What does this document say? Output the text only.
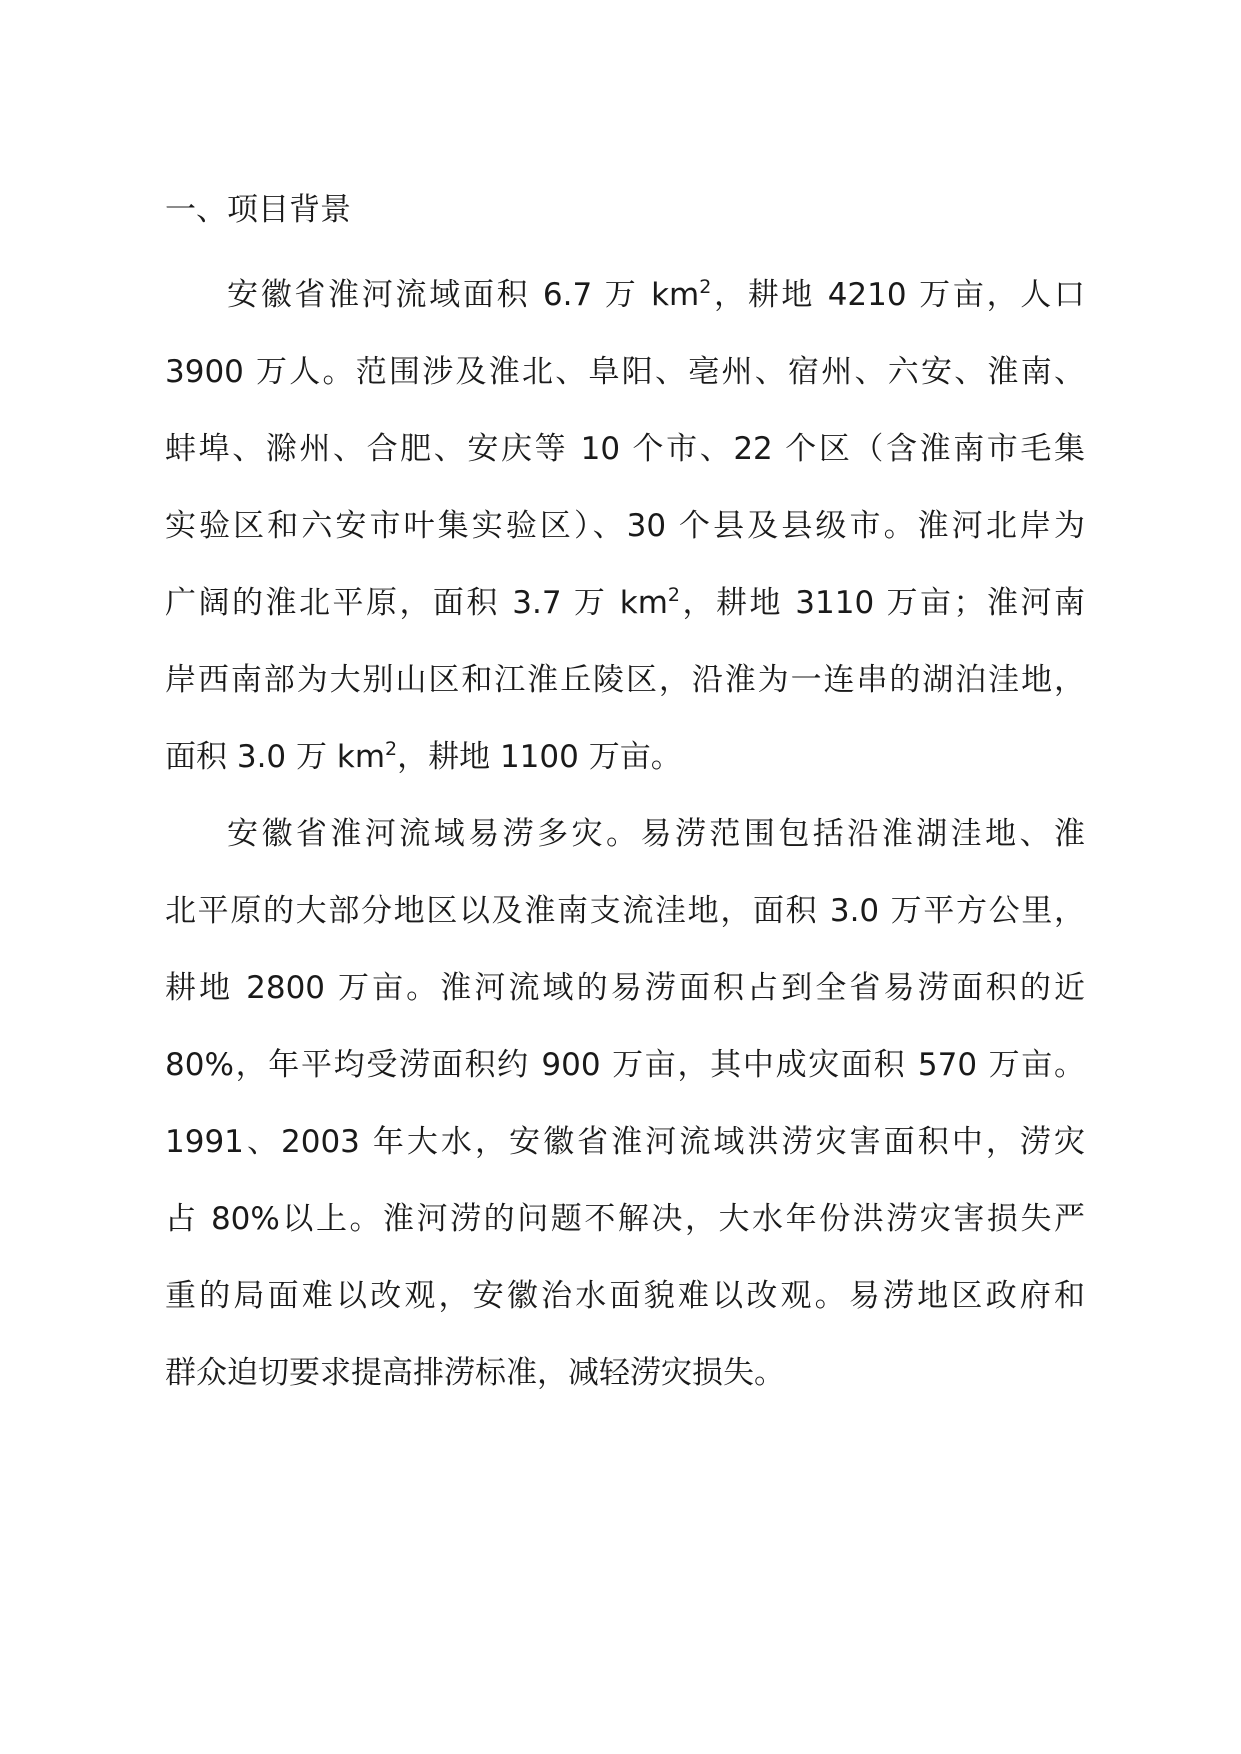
一、项目背景
安徽省淮河流域面积 6.7 万 $km^2$，耕地 4210 万亩，人口
3900 万人。范围涉及淮北、阜阳、亳州、宿州、六安、淮南、
蚌埠、滁州、合肥、安庆等 10 个市、22 个区（含淮南市毛集
实验区和六安市叶集实验区）、30 个县及县级市。淮河北岸为
广阔的淮北平原，面积 3.7 万 $km^2$，耕地 3110 万亩；淮河南
岸西南部为大别山区和江淮丘陵区，沿淮为一连串的湖泊洼地，
面积 3.0 万 $km^2$，耕地 1100 万亩。
安徽省淮河流域易涝多灾。易涝范围包括沿淮湖洼地、淮
北平原的大部分地区以及淮南支流洼地，面积 3.0 万平方公里，
耕地 2800 万亩。淮河流域的易涝面积占到全省易涝面积的近
80%，年平均受涝面积约 900 万亩，其中成灾面积 570 万亩。
1991、2003 年大水，安徽省淮河流域洪涝灾害面积中，涝灾
占 80%以上。淮河涝的问题不解决，大水年份洪涝灾害损失严
重的局面难以改观，安徽治水面貌难以改观。易涝地区政府和
群众迫切要求提高排涝标准，减轻涝灾损失。
